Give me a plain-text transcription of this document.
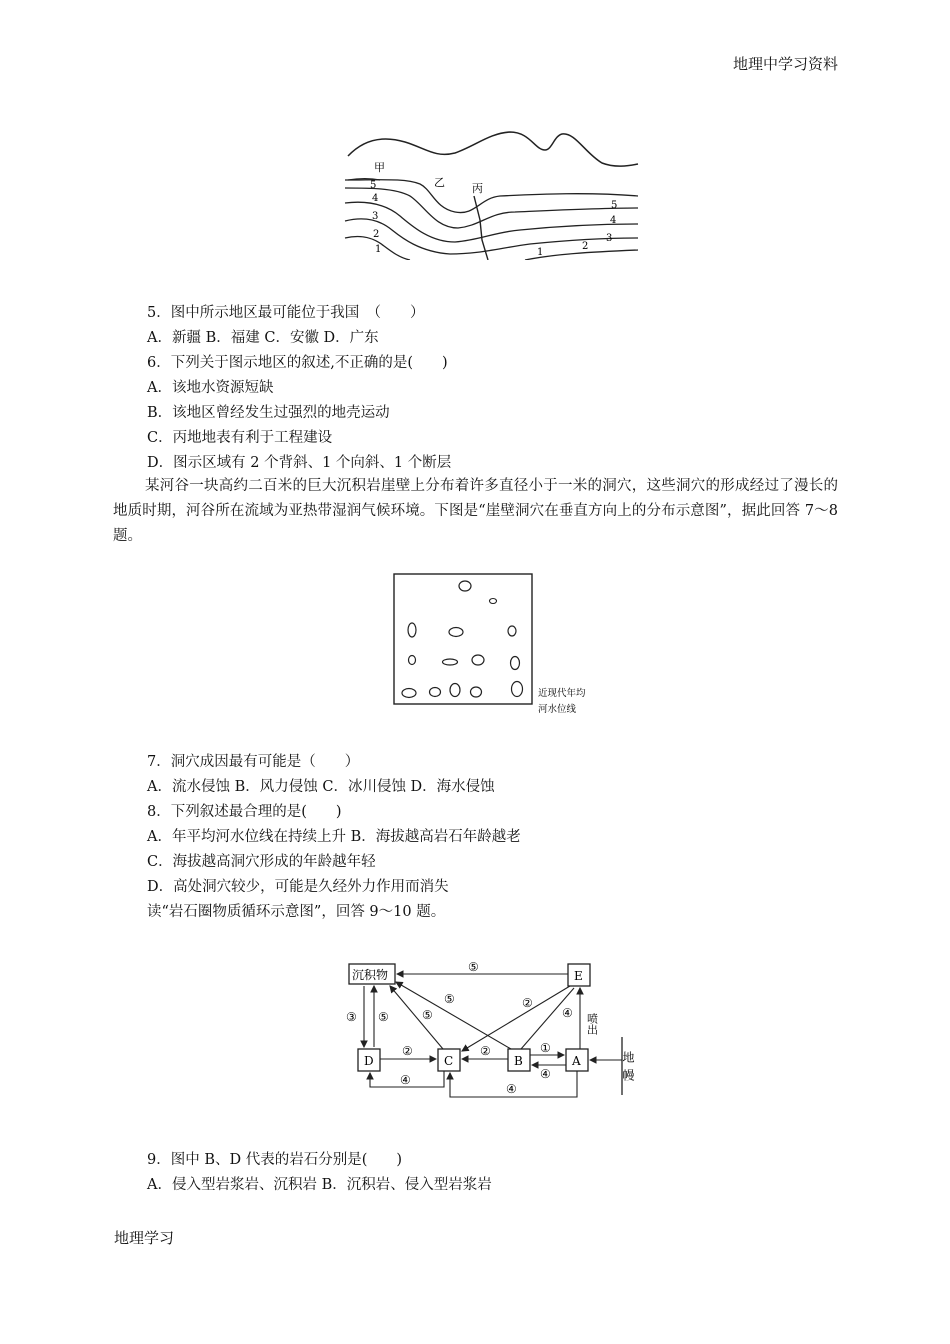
地理中学习资料
甲
乙 丙
5
4
3
2
1
5
4
3
2
1
5．图中所示地区最可能位于我国　（　　）
A．新疆 B．福建 C．安徽 D．广东
6．下列关于图示地区的叙述,不正确的是(　　)
A．该地水资源短缺
B．该地区曾经发生过强烈的地壳运动
C．丙地地表有利于工程建设
D．图示区域有 2 个背斜、1 个向斜、1 个断层
某河谷一块高约二百米的巨大沉积岩崖壁上分布着许多直径小于一米的洞穴，这些洞穴的形成经过了漫长的地质时期，河谷所在流域为亚热带湿润气候环境。下图是“崖壁洞穴在垂直方向上的分布示意图”，据此回答 7～8 题。
近现代年均
河水位线
7．洞穴成因最有可能是（　　）
A．流水侵蚀 B．风力侵蚀 C．冰川侵蚀 D．海水侵蚀
8．下列叙述最合理的是(　　)
A．年平均河水位线在持续上升 B．海拔越高岩石年龄越老
C．海拔越高洞穴形成的年龄越年轻
D．高处洞穴较少，可能是久经外力作用而消失
读“岩石圈物质循环示意图”，回答 9～10 题。
沉积物	E
D	C	B	A
⑤
③ ⑤	⑤
⑤	②
④ 喷出
②	②	①
④	地幔
④
④
9．图中 B、D 代表的岩石分别是(　　)
A．侵入型岩浆岩、沉积岩 B．沉积岩、侵入型岩浆岩
地理学习
